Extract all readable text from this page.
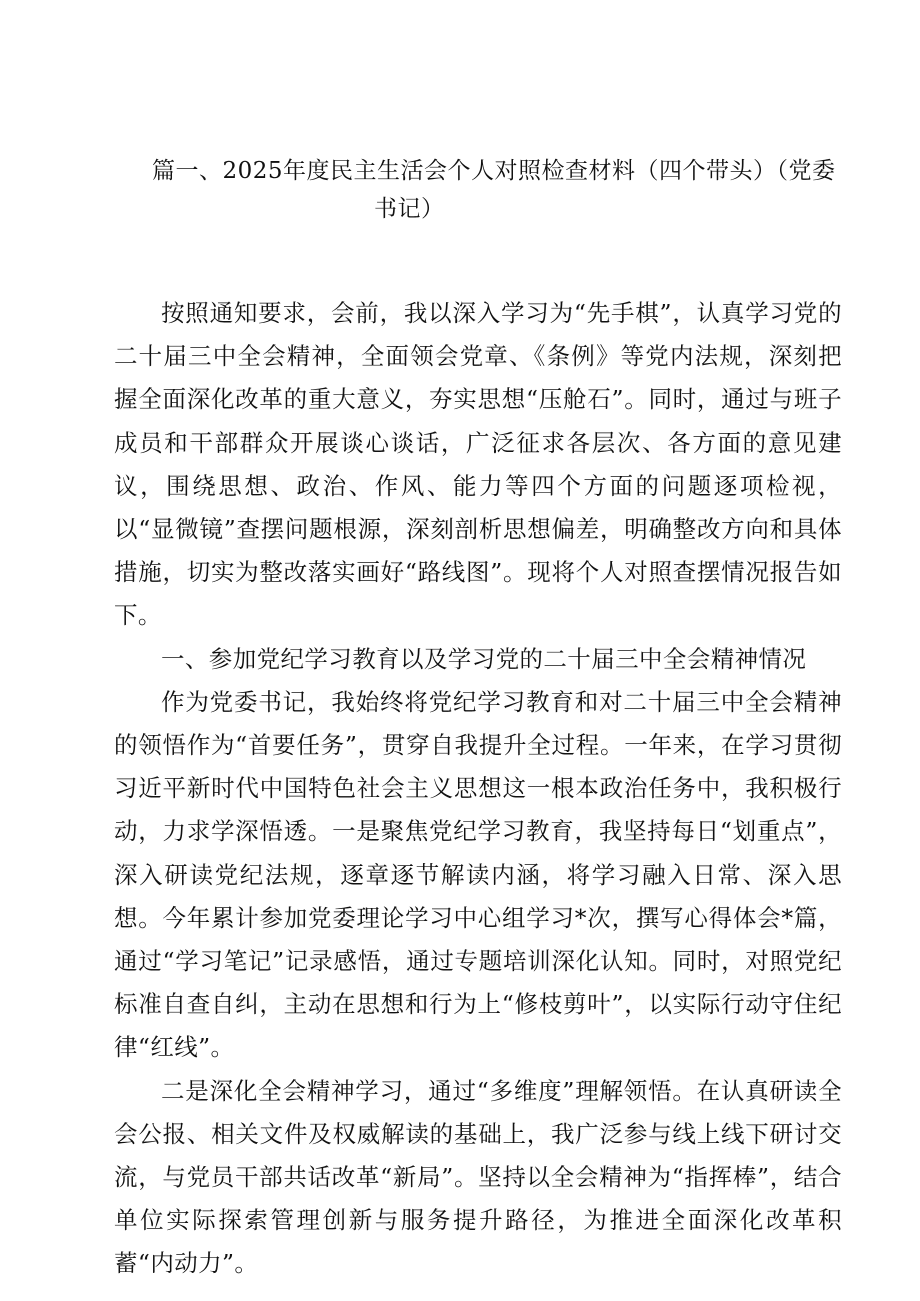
篇一、2025年度民主生活会个人对照检查材料（四个带头）（党委
书记）

按照通知要求，会前，我以深入学习为“先手棋”，认真学习党的二十届三中全会精神，全面领会党章、《条例》等党内法规，深刻把握全面深化改革的重大意义，夯实思想“压舱石”。同时，通过与班子成员和干部群众开展谈心谈话，广泛征求各层次、各方面的意见建议，围绕思想、政治、作风、能力等四个方面的问题逐项检视，以“显微镜”查摆问题根源，深刻剖析思想偏差，明确整改方向和具体措施，切实为整改落实画好“路线图”。现将个人对照查摆情况报告如下。

一、参加党纪学习教育以及学习党的二十届三中全会精神情况

作为党委书记，我始终将党纪学习教育和对二十届三中全会精神的领悟作为“首要任务”，贯穿自我提升全过程。一年来，在学习贯彻习近平新时代中国特色社会主义思想这一根本政治任务中，我积极行动，力求学深悟透。一是聚焦党纪学习教育，我坚持每日“划重点”，深入研读党纪法规，逐章逐节解读内涵，将学习融入日常、深入思想。今年累计参加党委理论学习中心组学习*次，撰写心得体会*篇，通过“学习笔记”记录感悟，通过专题培训深化认知。同时，对照党纪标准自查自纠，主动在思想和行为上“修枝剪叶”，以实际行动守住纪律“红线”。

二是深化全会精神学习，通过“多维度”理解领悟。在认真研读全会公报、相关文件及权威解读的基础上，我广泛参与线上线下研讨交流，与党员干部共话改革“新局”。坚持以全会精神为“指挥棒”，结合单位实际探索管理创新与服务提升路径，为推进全面深化改革积蓄“内动力”。
